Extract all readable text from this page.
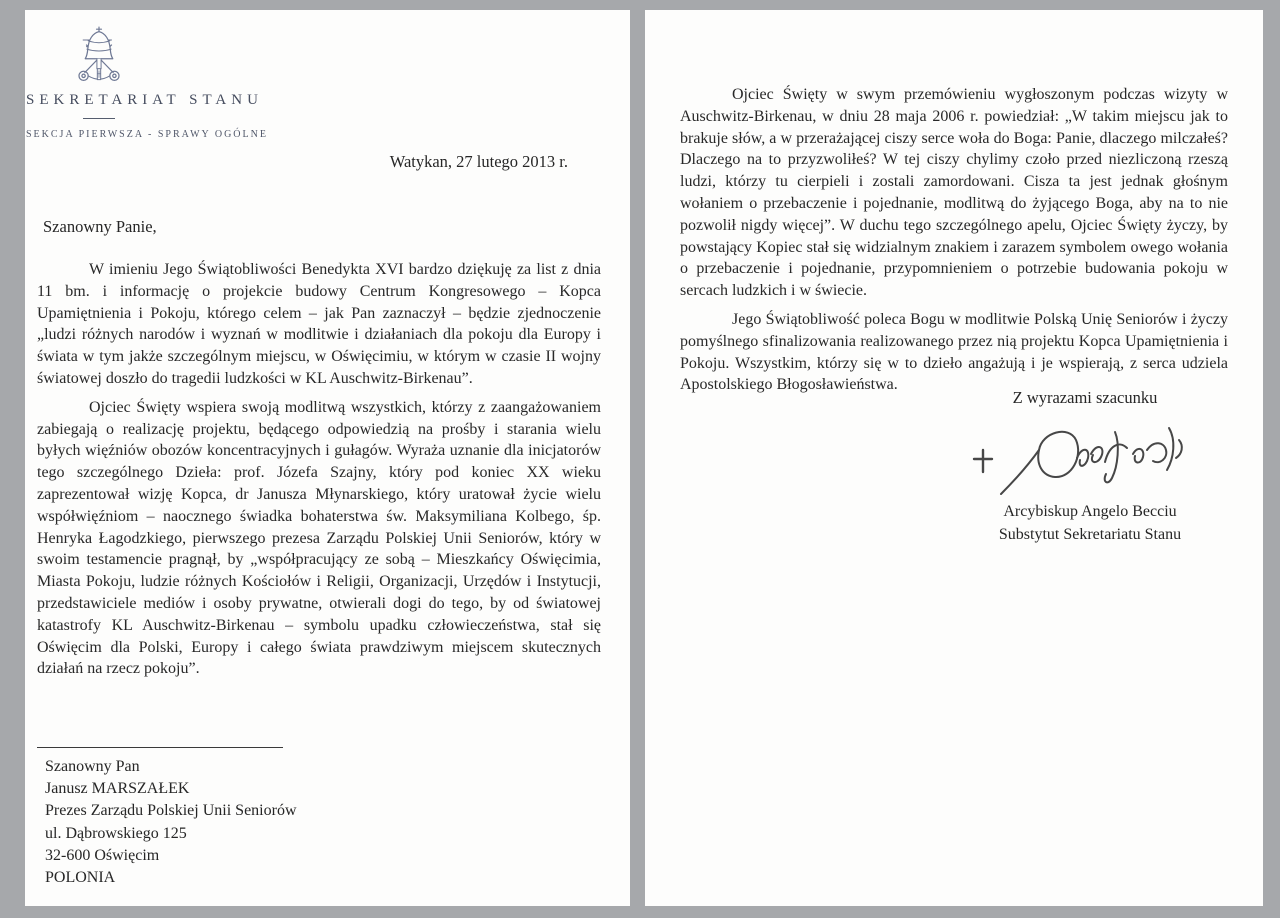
SEKRETARIAT STANU
SEKCJA PIERWSZA - SPRAWY OGÓLNE
Watykan, 27 lutego 2013 r.
Szanowny Panie,

W imieniu Jego Świątobliwości Benedykta XVI bardzo dziękuję za list z dnia 11 bm. i informację o projekcie budowy Centrum Kongresowego – Kopca Upamiętnienia i Pokoju, którego celem – jak Pan zaznaczył – będzie zjednoczenie „ludzi różnych narodów i wyznań w modlitwie i działaniach dla pokoju dla Europy i świata w tym jakże szczególnym miejscu, w Oświęcimiu, w którym w czasie II wojny światowej doszło do tragedii ludzkości w KL Auschwitz-Birkenau”.

Ojciec Święty wspiera swoją modlitwą wszystkich, którzy z zaangażowaniem zabiegają o realizację projektu, będącego odpowiedzią na prośby i starania wielu byłych więźniów obozów koncentracyjnych i gułagów. Wyraża uznanie dla inicjatorów tego szczególnego Dzieła: prof. Józefa Szajny, który pod koniec XX wieku zaprezentował wizję Kopca, dr Janusza Młynarskiego, który uratował życie wielu współwięźniom – naocznego świadka bohaterstwa św. Maksymiliana Kolbego, śp. Henryka Łagodzkiego, pierwszego prezesa Zarządu Polskiej Unii Seniorów, który w swoim testamencie pragnął, by „współpracujący ze sobą – Mieszkańcy Oświęcimia, Miasta Pokoju, ludzie różnych Kościołów i Religii, Organizacji, Urzędów i Instytucji, przedstawiciele mediów i osoby prywatne, otwierali dogi do tego, by od światowej katastrofy KL Auschwitz-Birkenau – symbolu upadku człowieczeństwa, stał się Oświęcim dla Polski, Europy i całego świata prawdziwym miejscem skutecznych działań na rzecz pokoju”.

Szanowny Pan
Janusz MARSZAŁEK
Prezes Zarządu Polskiej Unii Seniorów
ul. Dąbrowskiego 125
32-600 Oświęcim
POLONIA

Ojciec Święty w swym przemówieniu wygłoszonym podczas wizyty w Auschwitz-Birkenau, w dniu 28 maja 2006 r. powiedział: „W takim miejscu jak to brakuje słów, a w przerażającej ciszy serce woła do Boga: Panie, dlaczego milczałeś? Dlaczego na to przyzwoliłeś? W tej ciszy chylimy czoło przed niezliczoną rzeszą ludzi, którzy tu cierpieli i zostali zamordowani. Cisza ta jest jednak głośnym wołaniem o przebaczenie i pojednanie, modlitwą do żyjącego Boga, aby na to nie pozwolił nigdy więcej”. W duchu tego szczególnego apelu, Ojciec Święty życzy, by powstający Kopiec stał się widzialnym znakiem i zarazem symbolem owego wołania o przebaczenie i pojednanie, przypomnieniem o potrzebie budowania pokoju w sercach ludzkich i w świecie.

Jego Świątobliwość poleca Bogu w modlitwie Polską Unię Seniorów i życzy pomyślnego sfinalizowania realizowanego przez nią projektu Kopca Upamiętnienia i Pokoju. Wszystkim, którzy się w to dzieło angażują i je wspierają, z serca udziela Apostolskiego Błogosławieństwa.

Z wyrazami szacunku
Arcybiskup Angelo Becciu
Substytut Sekretariatu Stanu
